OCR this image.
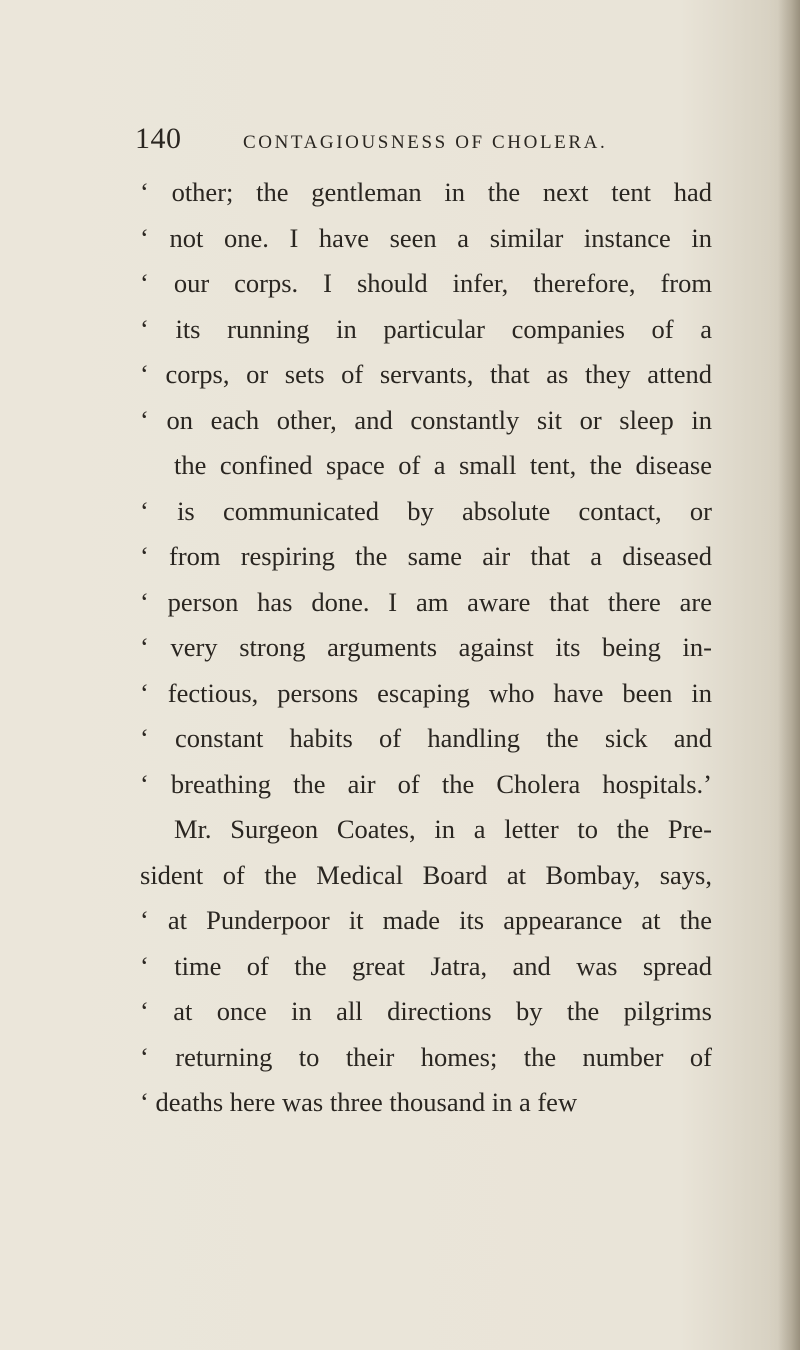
140	CONTAGIOUSNESS OF CHOLERA.
‘ other; the gentleman in the next tent had
‘ not one. I have seen a similar instance in
‘ our corps. I should infer, therefore, from
‘ its running in particular companies of a
‘ corps, or sets of servants, that as they attend
‘ on each other, and constantly sit or sleep in
the confined space of a small tent, the disease
‘ is communicated by absolute contact, or
‘ from respiring the same air that a diseased
‘ person has done. I am aware that there are
‘ very strong arguments against its being in-
‘ fectious, persons escaping who have been in
‘ constant habits of handling the sick and
‘ breathing the air of the Cholera hospitals.’
Mr. Surgeon Coates, in a letter to the Pre-
sident of the Medical Board at Bombay, says,
‘ at Punderpoor it made its appearance at the
‘ time of the great Jatra, and was spread
‘ at once in all directions by the pilgrims
‘ returning to their homes; the number of
‘ deaths here was three thousand in a few
